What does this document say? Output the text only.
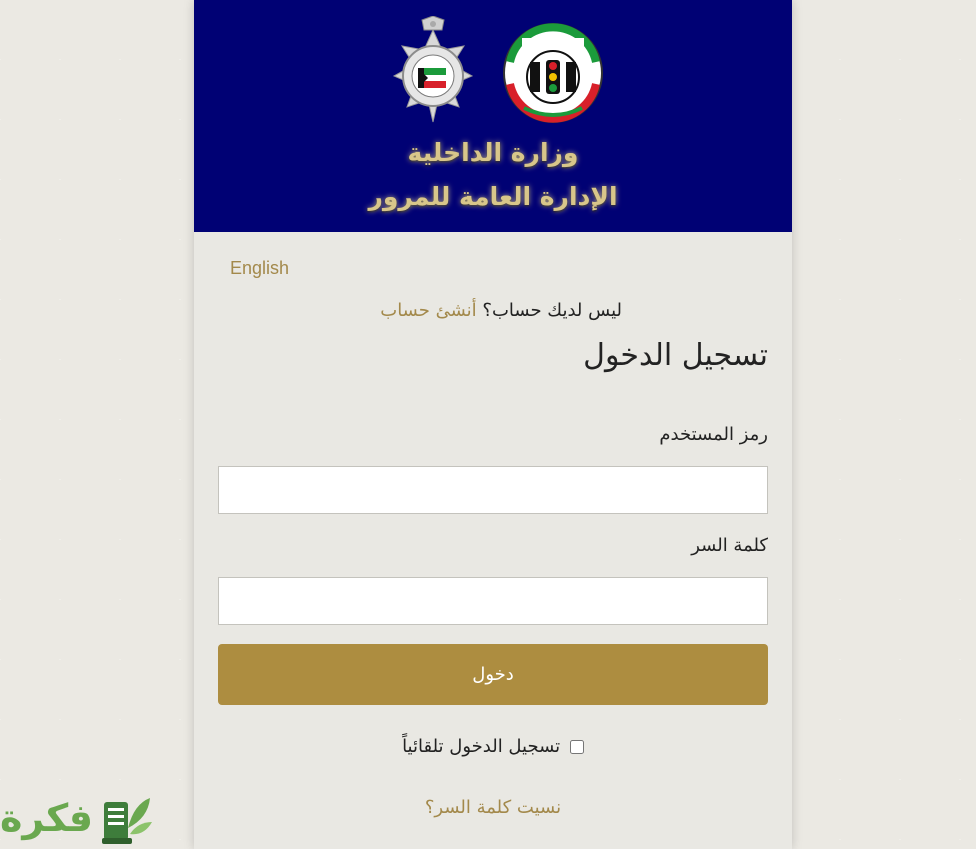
وزارة الداخلية
الإدارة العامة للمرور
English
ليس لديك حساب؟ أنشئ حساب
تسجيل الدخول
رمز المستخدم
كلمة السر
دخول
تسجيل الدخول تلقائياً
نسيت كلمة السر؟
فكرة
